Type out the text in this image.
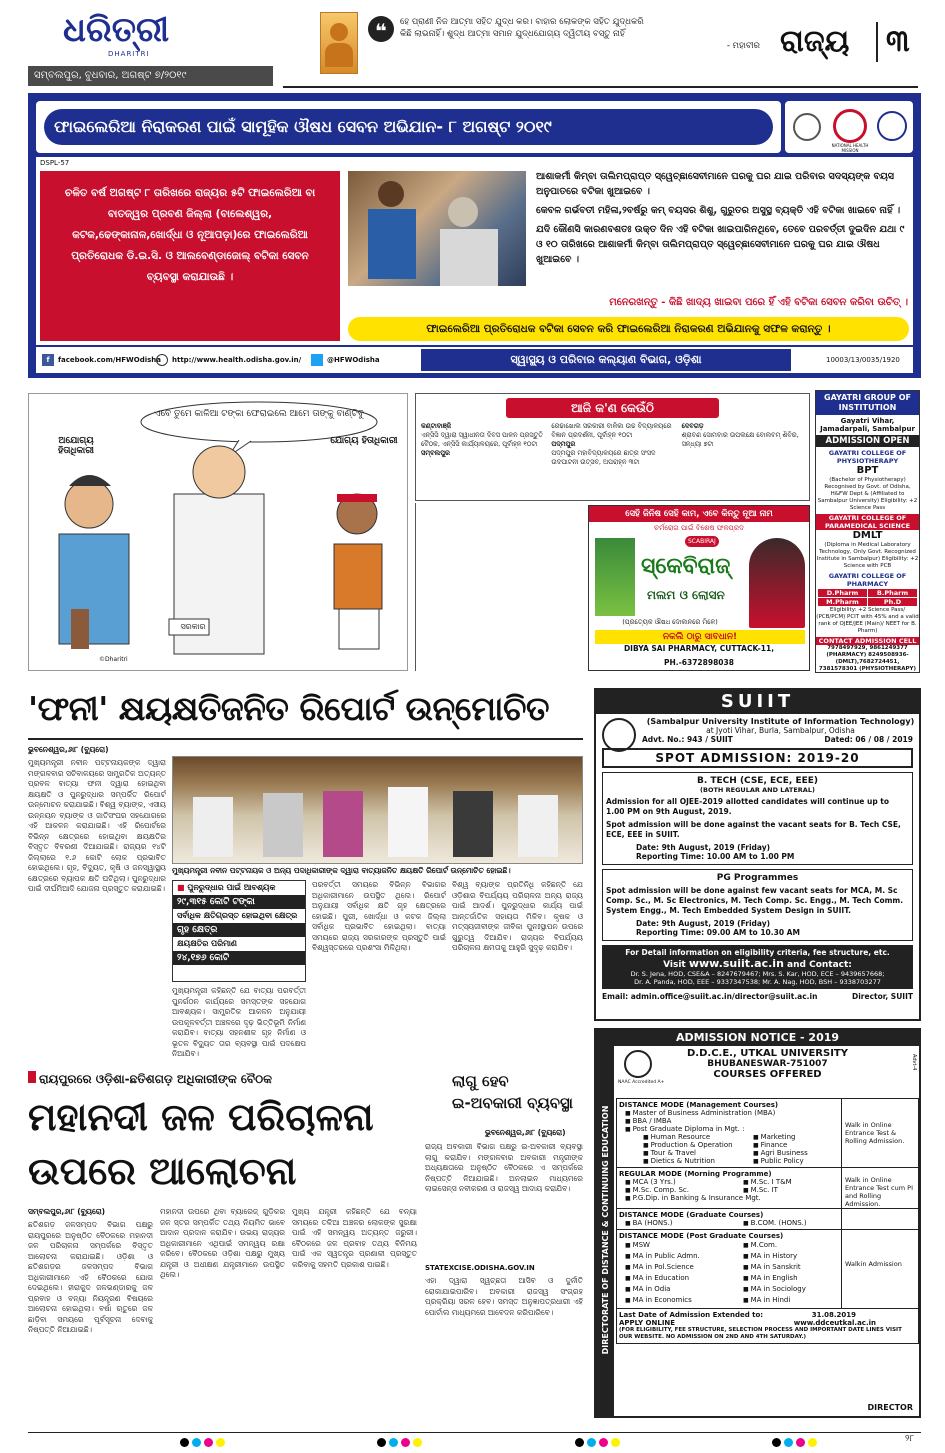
ଧରିତ୍ରୀ
DHARITRI
ସମ୍ବଲପୁର, ବୁଧବାର, ଅଗଷ୍ଟ ୭/୨୦୧୯
❝	ହେ ପ୍ରାଣୀ ନିଜ ଆତ୍ମା ସହିତ ଯୁଦ୍ଧ କର। ବାହାର ଲୋକଙ୍କ ସହିତ ଯୁଦ୍ଧକରି
କିଛି ଲାଭନାହିଁ। ଶୁଦ୍ଧ ଆତ୍ମା ସମାନ ଯୁଦ୍ଧଯୋଗ୍ୟ ଦ୍ୱିତୀୟ ବସ୍ତୁ ନାହିଁ
- ମହାବୀର ରାଜ୍ୟ ୩
ଫାଇଲେରିଆ ନିରାକରଣ ପାଇଁ ସାମୂହିକ ଔଷଧ ସେବନ ଅଭିଯାନ- ୮ ଅଗଷ୍ଟ ୨୦୧୯
NATIONAL HEALTH MISSION
DSPL-57
ଚଳିତ ବର୍ଷ ଅଗଷ୍ଟ ୮ ତାରିଖରେ ରାଜ୍ୟର ୫ଟି ଫାଇଲେରିଆ ବା ବାତଜ୍ୱର ପ୍ରବଣ ଜିଲ୍ଲା (ବାଲେଶ୍ୱର, କଟକ,ଢେଙ୍କାନାଳ,ଖୋର୍ଦ୍ଧା ଓ ନୂଆପଡ଼ା)ରେ ଫାଇଲେରିଆ ପ୍ରତିରୋଧକ ଡି.ଇ.ସି. ଓ ଆଲବେଣ୍ଡାଜୋଲ୍ ବଟିକା ସେବନ ବ୍ୟବସ୍ଥା କରାଯାଉଛି ।
ଆଶାକର୍ମୀ କିମ୍ବା ତାଲିମପ୍ରାପ୍ତ ସ୍ୱେଚ୍ଛାସେବୀମାନେ ଘରକୁ ଘର ଯାଇ ପରିବାର ସଦସ୍ୟଙ୍କ ବୟସ ଅନୁପାତରେ ବଟିକା ଖୁଆଇବେ ।
କେବଳ ଗର୍ଭବତୀ ମହିଳା,୨ବର୍ଷରୁ କମ୍ ବୟସର ଶିଶୁ, ଗୁରୁତର ଅସୁସ୍ଥ ବ୍ୟକ୍ତି ଏହି ବଟିକା ଖାଇବେ ନାହିଁ ।
ଯଦି କୌଣସି କାରଣବଶତଃ ଉକ୍ତ ଦିନ ଏହି ବଟିକା ଖାଇପାରିନଥିବେ, ତେବେ ପରବର୍ତ୍ତୀ ଦୁଇଦିନ ଯଥା ୯ ଓ ୧୦ ତାରିଖରେ ଆଶାକର୍ମୀ କିମ୍ବା ତାଲିମପ୍ରାପ୍ତ ସ୍ୱେଚ୍ଛାସେବୀମାନେ ଘରକୁ ଘର ଯାଇ ଔଷଧ ଖୁଆଇବେ ।
ମନେରଖନ୍ତୁ - କିଛି ଖାଦ୍ୟ ଖାଇବା ପରେ ହିଁ ଏହି ବଟିକା ସେବନ କରିବା ଉଚିତ୍ ।
ଫାଇଲେରିଆ ପ୍ରତିରୋଧକ ବଟିକା ସେବନ କରି ଫାଇଲେରିଆ ନିରାକରଣ ଅଭିଯାନକୁ ସଫଳ କରାନ୍ତୁ ।
f	facebook.com/HFWOdisha http://www.health.odisha.gov.in/	@HFWOdisha	ସ୍ୱାସ୍ଥ୍ୟ ଓ ପରିବାର କଲ୍ୟାଣ ବିଭାଗ, ଓଡ଼ିଶା	10003/13/0035/1920
ଏବେ ତୁମେ କାଳିଆ ଟଙ୍କା ଫେରାଇଲେ ଆମେ ତାଙ୍କୁ ବାଣ୍ଟିବୁ
ଅଯୋଗ୍ୟ ହିତାଧିକାରୀ
ଯୋଗ୍ୟ ହିତାଧିକାରୀ
ସରକାର
©Dharitri
ଆଜି କ'ଣ କେଉଁଠି
କଣ୍ଟାବାଞ୍ଜି
ଏନ୍‌ସିସି ଦ୍ୱାରା ସ୍ୱାଧୀନତା ଦିବସ ପାଳନ ପ୍ରସ୍ତୁତି ବୈଠକ, ଏନ୍‌ସିସି କାର୍ଯ୍ୟାଳୟରେ, ପୂର୍ବାହ୍ନ ୧୦ଟା
ସମ୍ବଲପୁର
ରେଢାଖୋଲ ସରକାରୀ ବାଳିକା ଉଚ୍ଚ ବିଦ୍ୟାଳୟରେ ବିଜ୍ଞାନ ପ୍ରଦର୍ଶନୀ, ପୂର୍ବାହ୍ନ ୧୦ଟା
ପଦ୍ମପୁର
ପଦ୍ମପୁର ମହାବିଦ୍ୟାଳୟରେ ଛାତ୍ର ସଂସଦ ଉଦଘାଟନୀ ଉତ୍ସବ, ଅପରାହ୍ନ ୩ଟା
ଦେବଗଡ଼
ଶ୍ରାବଣ ସୋମବାର ଉପଲକ୍ଷେ ବୋଲବମ୍ ଶିବିର, ସନ୍ଧ୍ୟା ୭ଟା
ସେହି ଜିନିଷ ସେହି କାମ, ଏବେ କିନ୍ତୁ ନୂଆ ନାମ
ଚର୍ମରୋଗ ପାଇଁ ବିଶେଷ ଫଳପ୍ରଦ
SCABIRAJ
ସ୍କେବିରାଜ୍
ମଲମ ଓ ଲୋସନ
(ପ୍ରତ୍ୟେକ ଔଷଧ ଦୋକାନରେ ମିଳେ)
ନକଲି ଠାରୁ ସାବଧାନ!
DIBYA SAI PHARMACY, CUTTACK-11, PH.-6372898038
GAYATRI GROUP OF INSTITUTION
Gayatri Vihar, Jamadarpali, Sambalpur
ADMISSION OPEN
GAYATRI COLLEGE OF PHYSIOTHERAPY
BPT
(Bachelor of Physiotherapy) Recognised by Govt. of Odisha, H&FW Dept & (Affiliated to Sambalpur University) Eligibility: +2 Science Pass
GAYATRI COLLEGE OF PARAMEDICAL SCIENCE
DMLT
(Diploma in Medical Laboratory Technology, Only Govt. Recognized Institute in Sambalpur) Eligibility: +2 Science with PCB
GAYATRI COLLEGE OF PHARMACY
D.Pharm	B.Pharm
M.Pharm	Ph.D
Eligibility: +2 Science Pass/ (PCB/PCM) PCIT with 45% and a valid rank of OJEE/JEE (Main)/ NEET for B. Pharm)
CONTACT ADMISSION CELL
7978497929, 9861249377 (PHARMACY) 8249508936- (DMLT),7682724451, 7381578301 (PHYSIOTHERAPY)
'ଫନୀ' କ୍ଷୟକ୍ଷତିଜନିତ ରିପୋର୍ଟ ଉନ୍ମୋଚିତ
ଭୁବନେଶ୍ୱର,୬ା୮ (ବ୍ୟୁରୋ)
ମୁଖ୍ୟମନ୍ତ୍ରୀ ନବୀନ ପଟ୍ଟନାୟକଙ୍କ ଦ୍ୱାରା ମଙ୍ଗଳବାର ସଚିବାଳୟରେ ସାମ୍ପ୍ରତିକ ଅତ୍ୟନ୍ତ ପ୍ରବଳ ବାତ୍ୟା ଫନୀ ଦ୍ୱାରା ହୋଇଥିବା କ୍ଷୟକ୍ଷତି ଓ ପୁନରୁଦ୍ଧାର ସମ୍ପର୍କିତ ରିପୋର୍ଟ ଉନ୍ମୋଚନ କରାଯାଇଛି। ବିଶ୍ୱ ବ୍ୟାଙ୍କ, ଏସୀୟ ଉନ୍ନୟନ ବ୍ୟାଙ୍କ ଓ ଜାତିସଂଘର ସହଯୋଗରେ ଏହି ଆକଳନ କରାଯାଇଛି। ଏହି ରିପୋର୍ଟରେ ବିଭିନ୍ନ କ୍ଷେତ୍ରରେ ହୋଇଥିବା କ୍ଷୟକ୍ଷତିର ବିସ୍ତୃତ ବିବରଣୀ ଦିଆଯାଇଛି। ରାଜ୍ୟର ୧୪ଟି ଜିଲ୍ଲାରେ ୧.୬ କୋଟି ଲୋକ ପ୍ରଭାବିତ ହୋଇଥିଲେ। ଗୃହ, ବିଦ୍ୟୁତ, କୃଷି ଓ ଜନସ୍ୱାସ୍ଥ୍ୟ କ୍ଷେତ୍ରରେ ବ୍ୟାପକ କ୍ଷତି ଘଟିଥିଲା। ପୁନରୁଦ୍ଧାର ପାଇଁ ଦୀର୍ଘମିଆଦି ଯୋଜନା ପ୍ରସ୍ତୁତ କରାଯାଇଛି।
ମୁଖ୍ୟମନ୍ତ୍ରୀ ନବୀନ ପଟ୍ଟନାୟକ ଓ ଅନ୍ୟ ପଦାଧିକାରୀଙ୍କ ଦ୍ୱାରା ବାତ୍ୟାଜନିତ କ୍ଷୟକ୍ଷତି ରିପୋର୍ଟ ଉନ୍ମୋଚିତ ହୋଇଛି।
■ ପୁନରୁଦ୍ଧାର ପାଇଁ ଆବଶ୍ୟକ
୨୯,୩୧୫ କୋଟି ଟଙ୍କା
ସର୍ବାଧିକ କ୍ଷତିଗ୍ରସ୍ତ ହୋଇଥିବା କ୍ଷେତ୍ର
ଗୃହ କ୍ଷେତ୍ର
କ୍ଷୟକ୍ଷତିର ପରିମାଣ
୨୪,୧୭୬ କୋଟି
ମୁଖ୍ୟମନ୍ତ୍ରୀ କହିଛନ୍ତି ଯେ ବାତ୍ୟା ପରବର୍ତ୍ତୀ ପୁନର୍ଗଠନ କାର୍ଯ୍ୟରେ ସମସ୍ତଙ୍କ ସହଯୋଗ ଆବଶ୍ୟକ। ସାମ୍ପ୍ରତିକ ଆକଳନ ଅନୁଯାୟୀ ଉପକୂଳବର୍ତ୍ତୀ ଅଞ୍ଚଳରେ ଦୃଢ଼ ଭିତ୍ତିଭୂମି ନିର୍ମାଣ କରାଯିବ। ବାତ୍ୟା ସହନଶୀଳ ଗୃହ ନିର୍ମାଣ ଓ ଭୂତଳ ବିଦ୍ୟୁତ ତାର ବ୍ୟବସ୍ଥା ପାଇଁ ପଦକ୍ଷେପ ନିଆଯିବ।
ପରବର୍ତ୍ତୀ ସମୟରେ ବିଭିନ୍ନ ବିଭାଗର ଅଧିକାରୀମାନେ ଉପସ୍ଥିତ ଥିଲେ। ରିପୋର୍ଟ ଅନୁଯାୟୀ ସର୍ବାଧିକ କ୍ଷତି ଗୃହ କ୍ଷେତ୍ରରେ ହୋଇଛି। ପୁରୀ, ଖୋର୍ଦ୍ଧା ଓ କଟକ ଜିଲ୍ଲା ସର୍ବାଧିକ ପ୍ରଭାବିତ ହୋଇଥିଲା। ବାତ୍ୟା ସମୟରେ ରାଜ୍ୟ ସରକାରଙ୍କ ପ୍ରସ୍ତୁତି ପାଇଁ ବିଶ୍ୱସ୍ତରରେ ପ୍ରଶଂସା ମିଳିଥିଲା।
ବିଶ୍ୱ ବ୍ୟାଙ୍କ ପ୍ରତିନିଧି କହିଛନ୍ତି ଯେ ଓଡ଼ିଶାର ବିପର୍ଯ୍ୟୟ ପରିଚାଳନା ଅନ୍ୟ ରାଜ୍ୟ ପାଇଁ ଆଦର୍ଶ। ପୁନରୁଦ୍ଧାର କାର୍ଯ୍ୟ ପାଇଁ ଆନ୍ତର୍ଜାତିକ ସହାୟତା ମିଳିବ। କୃଷକ ଓ ମତ୍ସ୍ୟଜୀବୀଙ୍କ ଜୀବିକା ପୁନଃସ୍ଥାପନ ଉପରେ ଗୁରୁତ୍ୱ ଦିଆଯିବ। ରାଜ୍ୟର ବିପର୍ଯ୍ୟୟ ପରିଚାଳନା କ୍ଷମତାକୁ ଆହୁରି ସୁଦୃଢ଼ କରାଯିବ।
ରାୟପୁରରେ ଓଡ଼ିଶା-ଛତିଶଗଡ଼ ଅଧିକାରୀଙ୍କ ବୈଠକ
ମହାନଦୀ ଜଳ ପରିଚାଳନା
ଉପରେ ଆଲୋଚନା
ସମ୍ବଲପୁର,୬ା୮ (ବ୍ୟୁରୋ)
ଛତିଶଗଡ଼ ଜଳସମ୍ପଦ ବିଭାଗ ପକ୍ଷରୁ ରାୟପୁରରେ ଅନୁଷ୍ଠିତ ବୈଠକରେ ମହାନଦୀ ଜଳ ପରିଚାଳନା ସମ୍ପର୍କରେ ବିସ୍ତୃତ ଆଲୋଚନା କରାଯାଇଛି। ଓଡ଼ିଶା ଓ ଛତିଶଗଡ଼ର ଜଳସମ୍ପଦ ବିଭାଗ ଅଧିକାରୀମାନେ ଏହି ବୈଠକରେ ଯୋଗ ଦେଇଥିଲେ। ହୀରାକୁଦ ଜଳଭଣ୍ଡାରକୁ ଜଳ ପ୍ରବାହ ଓ ବନ୍ୟା ନିୟନ୍ତ୍ରଣ ବିଷୟରେ ଆଲୋଚନା ହୋଇଥିଲା। ବର୍ଷା ଋତୁରେ ଜଳ ଛାଡ଼ିବା ସମୟରେ ପୂର୍ବସୂଚନା ଦେବାକୁ ନିଷ୍ପତ୍ତି ନିଆଯାଇଛି।
ମହାନଦୀ ଉପରେ ଥିବା ବ୍ୟାରେଜ୍ ଗୁଡ଼ିକର ଜଳ ସ୍ତର ସମ୍ପର୍କିତ ତଥ୍ୟ ନିୟମିତ ଭାବେ ଆଦାନ ପ୍ରଦାନ କରାଯିବ। ଉଭୟ ରାଜ୍ୟର ଅଧିକାରୀମାନେ ଏଥିପାଇଁ ସମନ୍ୱୟ ରକ୍ଷା କରିବେ। ବୈଠକରେ ଓଡ଼ିଶା ପକ୍ଷରୁ ମୁଖ୍ୟ ଯନ୍ତ୍ରୀ ଓ ଅଧୀକ୍ଷଣ ଯନ୍ତ୍ରୀମାନେ ଉପସ୍ଥିତ ଥିଲେ।
ମୁଖ୍ୟ ଯନ୍ତ୍ରୀ କହିଛନ୍ତି ଯେ ବନ୍ୟା ସମୟରେ ତଳିଆ ଅଞ୍ଚଳର ଲୋକଙ୍କ ସୁରକ୍ଷା ପାଇଁ ଏହି ସମନ୍ୱୟ ଅତ୍ୟନ୍ତ ଜରୁରୀ। ବୈଠକରେ ଜଳ ପ୍ରବାହ ତଥ୍ୟ ବିନିମୟ ପାଇଁ ଏକ ସ୍ୱତନ୍ତ୍ର ପ୍ରଣାଳୀ ପ୍ରସ୍ତୁତ କରିବାକୁ ସହମତି ପ୍ରକାଶ ପାଇଛି।
ଲାଗୁ ହେବ
ଇ-ଅବକାରୀ ବ୍ୟବସ୍ଥା
ଭୁବନେଶ୍ୱର,୬ା୮ (ବ୍ୟୁରୋ)
ରାଜ୍ୟ ଅବକାରୀ ବିଭାଗ ପକ୍ଷରୁ ଇ-ଅବକାରୀ ବ୍ୟବସ୍ଥା ଲାଗୁ କରାଯିବ। ମଙ୍ଗଳବାର ଅବକାରୀ ମନ୍ତ୍ରୀଙ୍କ ଅଧ୍ୟକ୍ଷତାରେ ଅନୁଷ୍ଠିତ ବୈଠକରେ ଏ ସମ୍ପର୍କରେ ନିଷ୍ପତ୍ତି ନିଆଯାଇଛି। ଅନଲାଇନ ମାଧ୍ୟମରେ ଲାଇସେନ୍ସ ନବୀକରଣ ଓ ରାଜସ୍ୱ ଆଦାୟ କରାଯିବ।
STATEXCISE.ODISHA.GOV.IN
ଏହା ଦ୍ୱାରା ସ୍ୱଚ୍ଛତା ଆସିବ ଓ ଦୁର୍ନୀତି ରୋକାଯାଇପାରିବ। ଅବକାରୀ ରାଜସ୍ୱ ସଂଗ୍ରହ ପ୍ରକ୍ରିୟା ସରଳ ହେବ। ସମସ୍ତ ଅନୁଜ୍ଞାପତ୍ରଧାରୀ ଏହି ପୋର୍ଟାଲ ମାଧ୍ୟମରେ ଆବେଦନ କରିପାରିବେ।
SUIIT
(Sambalpur University Institute of Information Technology)
at Jyoti Vihar, Burla, Sambalpur, Odisha
Advt. No.: 943 / SUIIT	Dated: 06 / 08 / 2019
SPOT ADMISSION: 2019-20
B. TECH (CSE, ECE, EEE)
(BOTH REGULAR AND LATERAL)
Admission for all OJEE-2019 allotted candidates will continue up to 1.00 PM on 9th August, 2019.
Spot admission will be done against the vacant seats for B. Tech CSE, ECE, EEE in SUIIT.
Date: 9th August, 2019 (Friday)
Reporting Time: 10.00 AM to 1.00 PM
PG Programmes
Spot admission will be done against few vacant seats for MCA, M. Sc Comp. Sc., M. Sc Electronics, M. Tech Comp. Sc. Engg., M. Tech Comm. System Engg., M. Tech Embedded System Design in SUIIT.
Date: 9th August, 2019 (Friday)
Reporting Time: 09.00 AM to 10.30 AM
For Detail information on eligibility criteria, fee structure, etc.
Visit www.suiit.ac.in and Contact:
Dr. S. Jena, HOD, CSE&A – 8247679467; Mrs. S. Kar, HOD, ECE – 9439657668;
Dr. A. Panda, HOD, EEE – 9337347538; Mr. A. Nag, HOD, BSH – 9338703277
Email: admin.office@suiit.ac.in/director@suiit.ac.in	Director, SUIIT
ADMISSION NOTICE - 2019
DIRECTORATE OF DISTANCE & CONTINUING EDUCATION
NAAC Accredited A+
Advt-4
D.D.C.E., UTKAL UNIVERSITY
BHUBANESWAR-751007
COURSES OFFERED
DISTANCE MODE (Management Courses)
■ Master of Business Administration (MBA)
■ BBA / IMBA
■ Post Graduate Diploma in Mgt. :
■ Human Resource
■ Production & Operation
■ Tour & Travel
■ Dietics & Nutrition
■ Marketing
■ Finance
■ Agri Business
■ Public Policy
Walk in Online Entrance Test & Rolling Admission.
REGULAR MODE (Morning Programme)
■ MCA (3 Yrs.)
■ M.Sc. Comp. Sc.
■ M.Sc. I T&M
■ M.Sc. IT
■ P.G.Dip. in Banking & Insurance Mgt.
Walk in Online Entrance Test cum PI and Rolling Admission.
DISTANCE MODE (Graduate Courses)
■ BA (HONS.)
■	B.COM. (HONS.)
DISTANCE MODE (Post Graduate Courses)
■ MSW
■ MA in Public Admn.
■ MA in Pol.Science
■ MA in Education
■ MA in Odia
■ MA in Economics
■ M.Com.
■ MA in History
■ MA in Sanskrit
■ MA in English
■ MA in Sociology
■ MA in Hindi
Walkin Admission
Last Date of Admission Extended to:	31.08.2019
APPLY ONLINE	www.ddceutkal.ac.in
(FOR ELIGIBILITY, FEE STRUCTURE, SELECTION PROCESS AND IMPORTANT DATE LINES VISIT OUR WEBSITE. NO ADMISSION ON 2ND AND 4TH SATURDAY.)
DIRECTOR
୨୮
